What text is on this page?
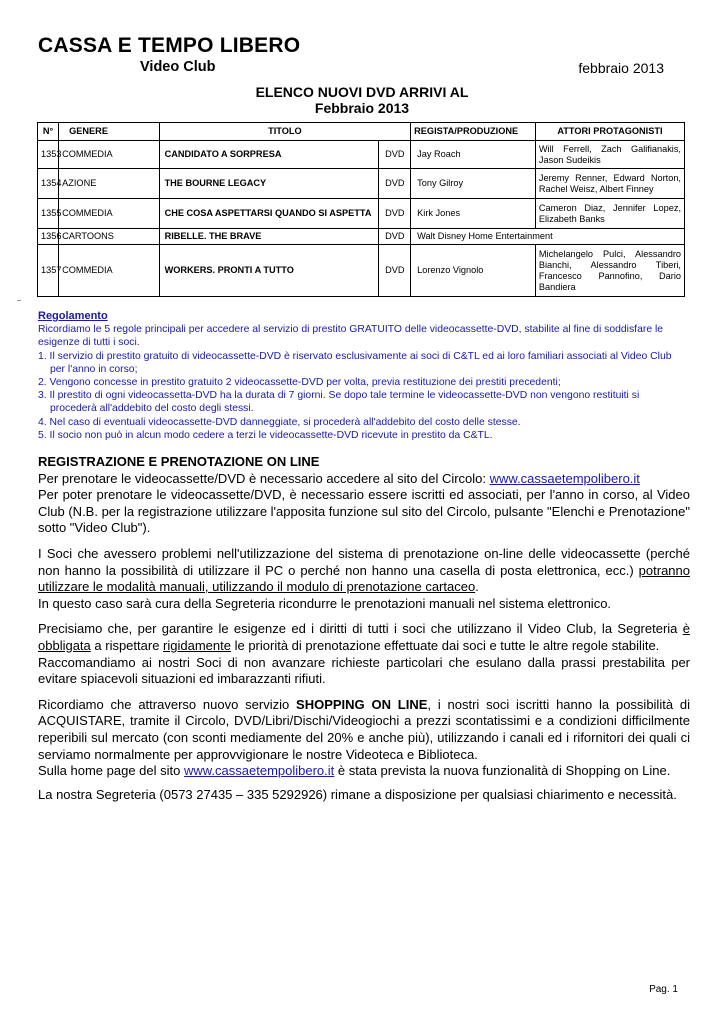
CASSA E TEMPO LIBERO
Video Club	febbraio 2013
ELENCO NUOVI DVD ARRIVI AL
Febbraio 2013
N°	GENERE	TITOLO		REGISTA/PRODUZIONE	ATTORI PROTAGONISTI
1353	COMMEDIA	CANDIDATO A SORPRESA	DVD	Jay Roach	Will Ferrell, Zach Galifianakis, Jason Sudeikis
1354	AZIONE	THE BOURNE LEGACY	DVD	Tony Gilroy	Jeremy Renner, Edward Norton, Rachel Weisz, Albert Finney
1355	COMMEDIA	CHE COSA ASPETTARSI QUANDO SI ASPETTA	DVD	Kirk Jones	Cameron Diaz, Jennifer Lopez, Elizabeth Banks
1356	CARTOONS	RIBELLE. THE BRAVE	DVD	Walt Disney Home Entertainment	
1357	COMMEDIA	WORKERS. PRONTI A TUTTO	DVD	Lorenzo Vignolo	Michelangelo Pulci, Alessandro Bianchi, Alessandro Tiberi, Francesco Pannofino, Dario Bandiera

Regolamento

Ricordiamo le 5 regole principali per accedere al servizio di prestito GRATUITO delle videocassette-DVD, stabilite al fine di soddisfare le esigenze di tutti i soci.

1. Il servizio di prestito gratuito di videocassette-DVD è riservato esclusivamente ai soci di C&TL ed ai loro familiari associati al Video Club per l'anno in corso;

2. Vengono concesse in prestito gratuito 2 videocassette-DVD per volta, previa restituzione dei prestiti precedenti;

3. Il prestito di ogni videocassetta-DVD ha la durata di 7 giorni. Se dopo tale termine le videocassette-DVD non vengono restituiti si procederà all'addebito del costo degli stessi.

4. Nel caso di eventuali videocassette-DVD danneggiate, si procederà all'addebito del costo delle stesse.

5. Il socio non può in alcun modo cedere a terzi le videocassette-DVD ricevute in prestito da C&TL.

REGISTRAZIONE E PRENOTAZIONE ON LINE

Per prenotare le videocassette/DVD è necessario accedere al sito del Circolo: www.cassaetempolibero.it

Per poter prenotare le videocassette/DVD, è necessario essere iscritti ed associati, per l'anno in corso, al Video Club (N.B. per la registrazione utilizzare l'apposita funzione sul sito del Circolo, pulsante "Elenchi e Prenotazione" sotto "Video Club").

I Soci che avessero problemi nell'utilizzazione del sistema di prenotazione on-line delle videocassette (perché non hanno la possibilità di utilizzare il PC o perché non hanno una casella di posta elettronica, ecc.) potranno utilizzare le modalità manuali, utilizzando il modulo di prenotazione cartaceo.

In questo caso sarà cura della Segreteria ricondurre le prenotazioni manuali nel sistema elettronico.

Precisiamo che, per garantire le esigenze ed i diritti di tutti i soci che utilizzano il Video Club, la Segreteria è obbligata a rispettare rigidamente le priorità di prenotazione effettuate dai soci e tutte le altre regole stabilite.

Raccomandiamo ai nostri Soci di non avanzare richieste particolari che esulano dalla prassi prestabilita per evitare spiacevoli situazioni ed imbarazzanti rifiuti.

Ricordiamo che attraverso nuovo servizio SHOPPING ON LINE, i nostri soci iscritti hanno la possibilità di ACQUISTARE, tramite il Circolo, DVD/Libri/Dischi/Videogiochi a prezzi scontatissimi e a condizioni difficilmente reperibili sul mercato (con sconti mediamente del 20% e anche più), utilizzando i canali ed i rifornitori dei quali ci serviamo normalmente per approvvigionare le nostre Videoteca e Biblioteca.

Sulla home page del sito www.cassaetempolibero.it è stata prevista la nuova funzionalità di Shopping on Line.

La nostra Segreteria (0573 27435 – 335 5292926) rimane a disposizione per qualsiasi chiarimento e necessità.

Pag. 1
